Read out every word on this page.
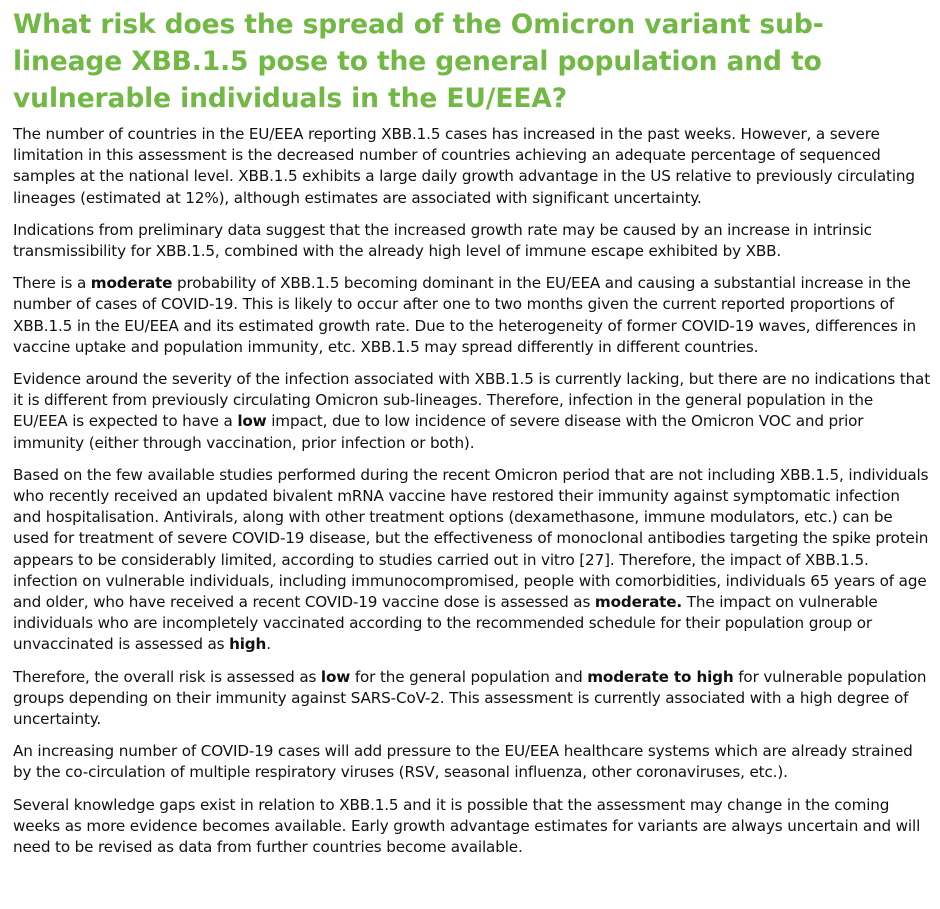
What risk does the spread of the Omicron variant sub-lineage XBB.1.5 pose to the general population and to vulnerable individuals in the EU/EEA?

The number of countries in the EU/EEA reporting XBB.1.5 cases has increased in the past weeks. However, a severe limitation in this assessment is the decreased number of countries achieving an adequate percentage of sequenced samples at the national level. XBB.1.5 exhibits a large daily growth advantage in the US relative to previously circulating lineages (estimated at 12%), although estimates are associated with significant uncertainty.

Indications from preliminary data suggest that the increased growth rate may be caused by an increase in intrinsic transmissibility for XBB.1.5, combined with the already high level of immune escape exhibited by XBB.

There is a moderate probability of XBB.1.5 becoming dominant in the EU/EEA and causing a substantial increase in the number of cases of COVID-19. This is likely to occur after one to two months given the current reported proportions of XBB.1.5 in the EU/EEA and its estimated growth rate. Due to the heterogeneity of former COVID-19 waves, differences in vaccine uptake and population immunity, etc. XBB.1.5 may spread differently in different countries.

Evidence around the severity of the infection associated with XBB.1.5 is currently lacking, but there are no indications that it is different from previously circulating Omicron sub-lineages. Therefore, infection in the general population in the EU/EEA is expected to have a low impact, due to low incidence of severe disease with the Omicron VOC and prior immunity (either through vaccination, prior infection or both).

Based on the few available studies performed during the recent Omicron period that are not including XBB.1.5, individuals who recently received an updated bivalent mRNA vaccine have restored their immunity against symptomatic infection and hospitalisation. Antivirals, along with other treatment options (dexamethasone, immune modulators, etc.) can be used for treatment of severe COVID-19 disease, but the effectiveness of monoclonal antibodies targeting the spike protein appears to be considerably limited, according to studies carried out in vitro [27]. Therefore, the impact of XBB.1.5. infection on vulnerable individuals, including immunocompromised, people with comorbidities, individuals 65 years of age and older, who have received a recent COVID-19 vaccine dose is assessed as moderate. The impact on vulnerable individuals who are incompletely vaccinated according to the recommended schedule for their population group or unvaccinated is assessed as high.

Therefore, the overall risk is assessed as low for the general population and moderate to high for vulnerable population groups depending on their immunity against SARS-CoV-2. This assessment is currently associated with a high degree of uncertainty.

An increasing number of COVID-19 cases will add pressure to the EU/EEA healthcare systems which are already strained by the co-circulation of multiple respiratory viruses (RSV, seasonal influenza, other coronaviruses, etc.).

Several knowledge gaps exist in relation to XBB.1.5 and it is possible that the assessment may change in the coming weeks as more evidence becomes available. Early growth advantage estimates for variants are always uncertain and will need to be revised as data from further countries become available.
